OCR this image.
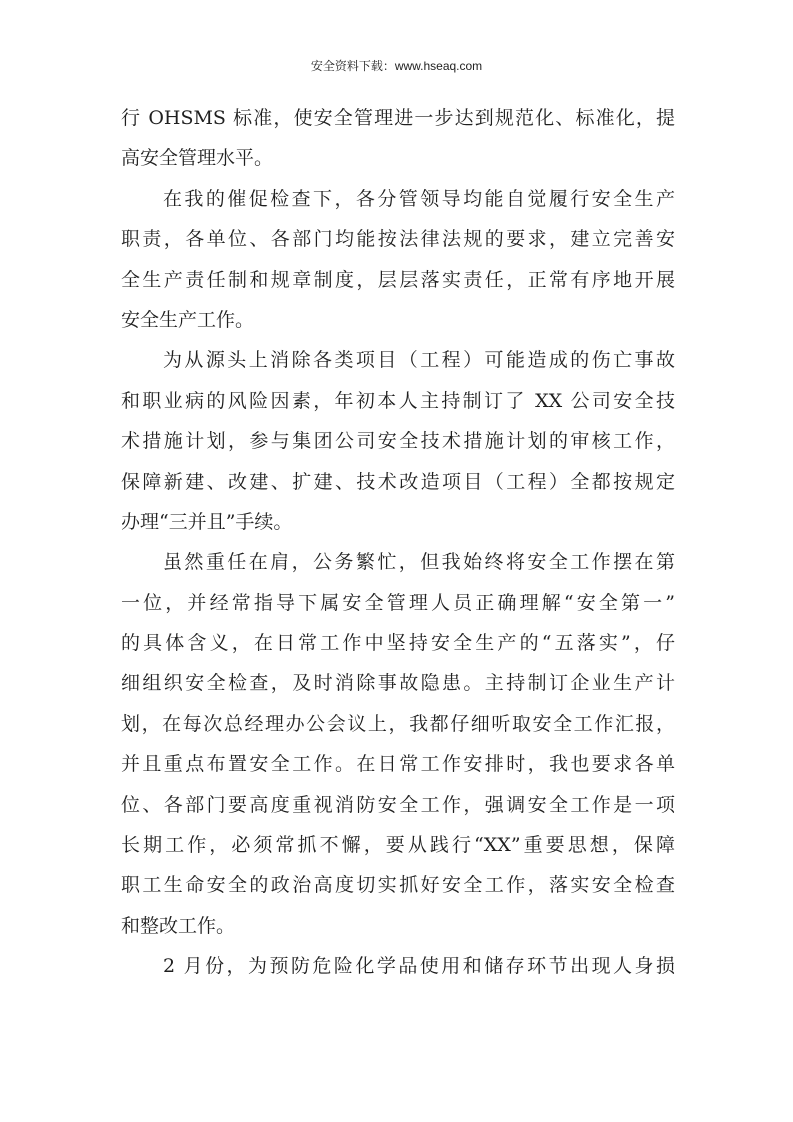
安全资料下载：www.hseaq.com
行 OHSMS 标准，使安全管理进一步达到规范化、标准化，提
高安全管理水平。
在我的催促检查下，各分管领导均能自觉履行安全生产
职责，各单位、各部门均能按法律法规的要求，建立完善安
全生产责任制和规章制度，层层落实责任，正常有序地开展
安全生产工作。
为从源头上消除各类项目（工程）可能造成的伤亡事故
和职业病的风险因素，年初本人主持制订了 XX 公司安全技
术措施计划，参与集团公司安全技术措施计划的审核工作，
保障新建、改建、扩建、技术改造项目（工程）全都按规定
办理“三并且”手续。
虽然重任在肩，公务繁忙，但我始终将安全工作摆在第
一位，并经常指导下属安全管理人员正确理解“安全第一”
的具体含义，在日常工作中坚持安全生产的“五落实”，仔
细组织安全检查，及时消除事故隐患。主持制订企业生产计
划，在每次总经理办公会议上，我都仔细听取安全工作汇报，
并且重点布置安全工作。在日常工作安排时，我也要求各单
位、各部门要高度重视消防安全工作，强调安全工作是一项
长期工作，必须常抓不懈，要从践行“XX”重要思想，保障
职工生命安全的政治高度切实抓好安全工作，落实安全检查
和整改工作。
2 月份，为预防危险化学品使用和储存环节出现人身损
